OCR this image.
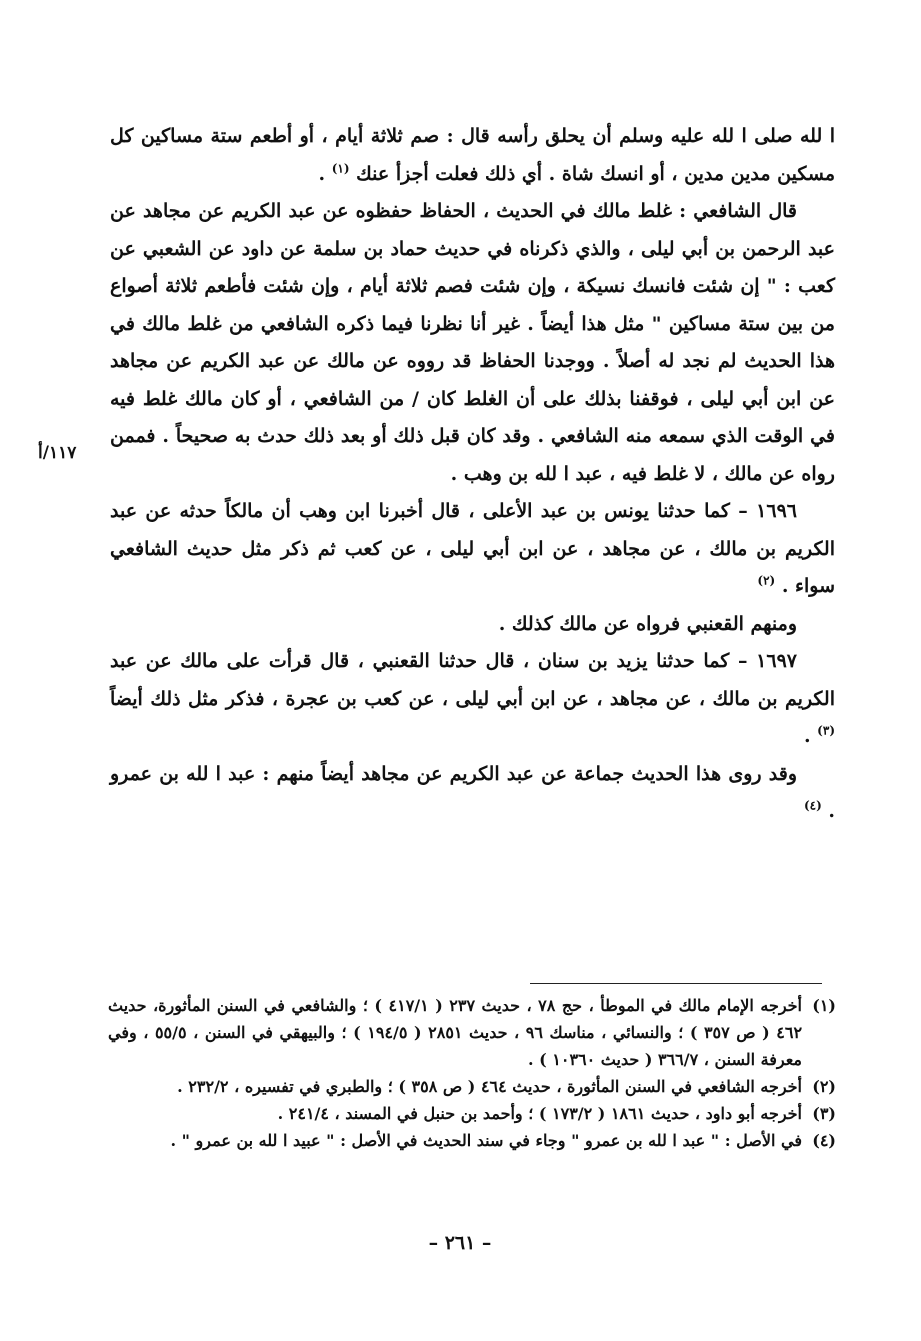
ا لله صلى ا لله عليه وسلم أن يحلق رأسه قال : صم ثلاثة أيام ، أو أطعم ستة مساكين كل مسكين مدين مدين ، أو انسك شاة . أي ذلك فعلت أجزأ عنك $^{(١)}$ .

قال الشافعي : غلط مالك في الحديث ، الحفاظ حفظوه عن عبد الكريم عن مجاهد عن عبد الرحمن بن أبي ليلى ، والذي ذكرناه في حديث حماد بن سلمة عن داود عن الشعبي عن كعب : " إن شئت فانسك نسيكة ، وإن شئت فصم ثلاثة أيام ، وإن شئت فأطعم ثلاثة أصواع من بين ستة مساكين " مثل هذا أيضاً . غير أنا نظرنا فيما ذكره الشافعي من غلط مالك في هذا الحديث لم نجد له أصلاً . ووجدنا الحفاظ قد رووه عن مالك عن عبد الكريم عن مجاهد عن ابن أبي ليلى ، فوقفنا بذلك على أن الغلط كان / من الشافعي ، أو كان مالك غلط فيه في الوقت الذي سمعه منه الشافعي . وقد كان قبل ذلك أو بعد ذلك حدث به صحيحاً . فممن رواه عن مالك ، لا غلط فيه ، عبد ا لله بن وهب .

١٦٩٦ – كما حدثنا يونس بن عبد الأعلى ، قال أخبرنا ابن وهب أن مالكاً حدثه عن عبد الكريم بن مالك ، عن مجاهد ، عن ابن أبي ليلى ، عن كعب ثم ذكر مثل حديث الشافعي سواء . $^{(٢)}$

ومنهم القعنبي فرواه عن مالك كذلك .

١٦٩٧ – كما حدثنا يزيد بن سنان ، قال حدثنا القعنبي ، قال قرأت على مالك عن عبد الكريم بن مالك ، عن مجاهد ، عن ابن أبي ليلى ، عن كعب بن عجرة ، فذكر مثل ذلك أيضاً $^{(٣)}$ .

وقد روى هذا الحديث جماعة عن عبد الكريم عن مجاهد أيضاً منهم : عبد ا لله بن عمرو . $^{(٤)}$

١١٧/أ
(١)
أخرجه الإمام مالك في الموطأ ، حج ٧٨ ، حديث ٢٣٧ ( ٤١٧/١ ) ؛ والشافعي في السنن المأثورة، حديث ٤٦٢ ( ص ٣٥٧ ) ؛ والنسائي ، مناسك ٩٦ ، حديث ٢٨٥١ ( ١٩٤/٥ ) ؛ والبيهقي في السنن ، ٥٥/٥ ، وفي معرفة السنن ، ٣٦٦/٧ ( حديث ١٠٣٦٠ ) .
(٢)
أخرجه الشافعي في السنن المأثورة ، حديث ٤٦٤ ( ص ٣٥٨ ) ؛ والطبري في تفسيره ، ٢٣٢/٢ .
(٣)
أخرجه أبو داود ، حديث ١٨٦١ ( ١٧٣/٢ ) ؛ وأحمد بن حنبل في المسند ، ٢٤١/٤ .
(٤)
في الأصل : " عبد ا لله بن عمرو " وجاء في سند الحديث في الأصل : " عبيد ا لله بن عمرو " .
– ٢٦١ –
